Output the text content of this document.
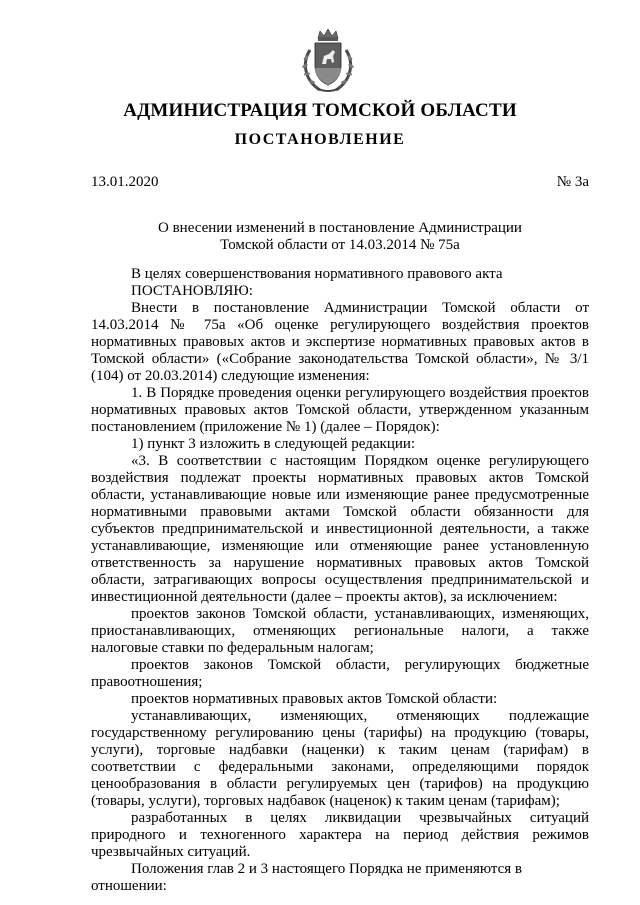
АДМИНИСТРАЦИЯ ТОМСКОЙ ОБЛАСТИ
ПОСТАНОВЛЕНИЕ
13.01.2020	№ 3а
О внесении изменений в постановление Администрации
Томской области от 14.03.2014 № 75а

В целях совершенствования нормативного правового акта

ПОСТАНОВЛЯЮ:

Внести в постановление Администрации Томской области от 14.03.2014 № 75а «Об оценке регулирующего воздействия проектов нормативных правовых актов и экспертизе нормативных правовых актов в Томской области» («Собрание законодательства Томской области», № 3/1 (104) от 20.03.2014) следующие изменения:

1. В Порядке проведения оценки регулирующего воздействия проектов нормативных правовых актов Томской области, утвержденном указанным постановлением (приложение № 1) (далее – Порядок):

1) пункт 3 изложить в следующей редакции:

«3. В соответствии с настоящим Порядком оценке регулирующего воздействия подлежат проекты нормативных правовых актов Томской области, устанавливающие новые или изменяющие ранее предусмотренные нормативными правовыми актами Томской области обязанности для субъектов предпринимательской и инвестиционной деятельности, а также устанавливающие, изменяющие или отменяющие ранее установленную ответственность за нарушение нормативных правовых актов Томской области, затрагивающих вопросы осуществления предпринимательской и инвестиционной деятельности (далее – проекты актов), за исключением:

проектов законов Томской области, устанавливающих, изменяющих, приостанавливающих, отменяющих региональные налоги, а также налоговые ставки по федеральным налогам;

проектов законов Томской области, регулирующих бюджетные правоотношения;

проектов нормативных правовых актов Томской области:

устанавливающих, изменяющих, отменяющих подлежащие государственному регулированию цены (тарифы) на продукцию (товары, услуги), торговые надбавки (наценки) к таким ценам (тарифам) в соответствии с федеральными законами, определяющими порядок ценообразования в области регулируемых цен (тарифов) на продукцию (товары, услуги), торговых надбавок (наценок) к таким ценам (тарифам);

разработанных в целях ликвидации чрезвычайных ситуаций природного и техногенного характера на период действия режимов чрезвычайных ситуаций.

Положения глав 2 и 3 настоящего Порядка не применяются в отношении:
